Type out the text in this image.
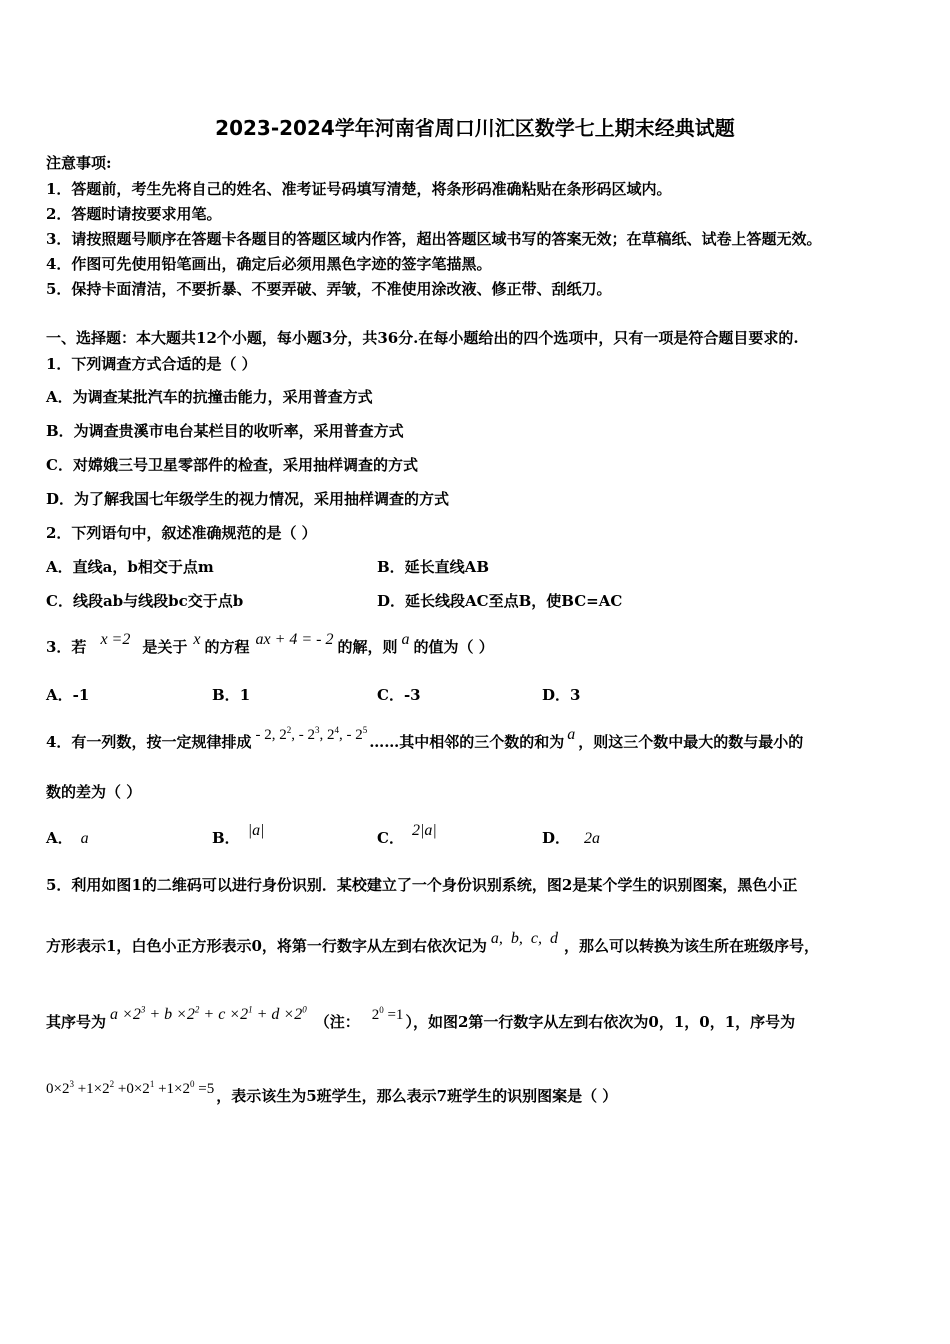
2023-2024学年河南省周口川汇区数学七上期末经典试题
注意事项:
1．答题前，考生先将自己的姓名、准考证号码填写清楚，将条形码准确粘贴在条形码区域内。
2．答题时请按要求用笔。
3．请按照题号顺序在答题卡各题目的答题区域内作答，超出答题区域书写的答案无效；在草稿纸、试卷上答题无效。
4．作图可先使用铅笔画出，确定后必须用黑色字迹的签字笔描黑。
5．保持卡面清洁，不要折暴、不要弄破、弄皱，不准使用涂改液、修正带、刮纸刀。
一、选择题：本大题共12个小题，每小题3分，共36分.在每小题给出的四个选项中，只有一项是符合题目要求的.
1．下列调查方式合适的是（ ）
A．为调查某批汽车的抗撞击能力，采用普查方式
B．为调查贵溪市电台某栏目的收听率，采用普查方式
C．对嫦娥三号卫星零部件的检查，采用抽样调查的方式
D．为了解我国七年级学生的视力情况，采用抽样调查的方式
2．下列语句中，叙述准确规范的是（ ）
A．直线a，b相交于点m	B．延长直线AB
C．线段ab与线段bc交于点b	D．延长线段AC至点B，使BC=AC
3．若 x =2 是关于 x 的方程 ax + 4 = - 2 的解，则 a 的值为（ ）
A．-1	B．1	C．-3	D．3
4．有一列数，按一定规律排成 - 2, $2^2$, - $2^3$, $2^4$, - $2^5\dots\dots$其中相邻的三个数的和为 a ，则这三个数中最大的数与最小的
数的差为（ ）
A． a	B． |a|	C． 2|a|	D． 2a
5．利用如图1的二维码可以进行身份识别．某校建立了一个身份识别系统，图2是某个学生的识别图案，黑色小正
方形表示1，白色小正方形表示0，将第一行数字从左到右依次记为 a, b, c, d ，那么可以转换为该生所在班级序号，
其序号为 $a \times 2^3 + b \times 2^2 + c \times 2^1 + d \times 2^0$（注： $2^0 =1$ ），如图2第一行数字从左到右依次为0，1，0，1，序号为
$0\times 2^3 +1\times 2^2 +0\times 2^1 +1\times 2^0 =5$ ，表示该生为5班学生，那么表示7班学生的识别图案是（ ）
